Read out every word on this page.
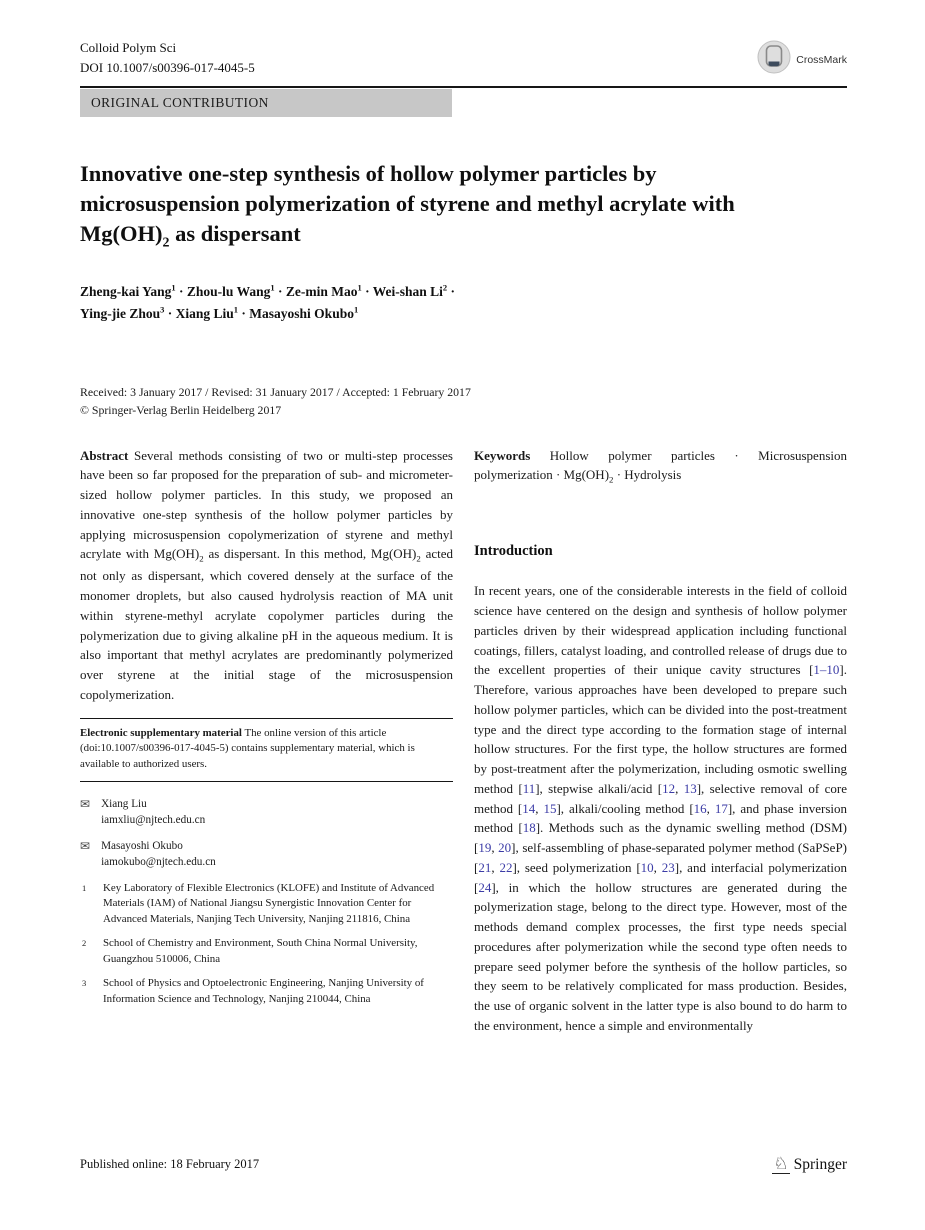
Colloid Polym Sci
DOI 10.1007/s00396-017-4045-5
CrossMark
ORIGINAL CONTRIBUTION
Innovative one-step synthesis of hollow polymer particles by microsuspension polymerization of styrene and methyl acrylate with $Mg(OH)_2$ as dispersant
Zheng-kai Yang$^1$ · Zhou-lu Wang$^1$ · Ze-min Mao$^1$ · Wei-shan $Li^2$ ·
Ying-jie Zhou$^3$ · Xiang Liu$^1$ · Masayoshi Okubo$^1$
Received: 3 January 2017 / Revised: 31 January 2017 / Accepted: 1 February 2017
© Springer-Verlag Berlin Heidelberg 2017

Abstract Several methods consisting of two or multi-step processes have been so far proposed for the preparation of sub- and micrometer-sized hollow polymer particles. In this study, we proposed an innovative one-step synthesis of the hollow polymer particles by applying microsuspension copolymerization of styrene and methyl acrylate with $Mg(OH)_2$ as dispersant. In this method, $Mg(OH)_2$ acted not only as dispersant, which covered densely at the surface of the monomer droplets, but also caused hydrolysis reaction of MA unit within styrene-methyl acrylate copolymer particles during the polymerization due to giving alkaline pH in the aqueous medium. It is also important that methyl acrylates are predominantly polymerized over styrene at the initial stage of the microsuspension copolymerization.

Electronic supplementary material The online version of this article (doi:10.1007/s00396-017-4045-5) contains supplementary material, which is available to authorized users.
✉ Xiang Liu
iamxliu@njtech.edu.cn
✉ Masayoshi Okubo
iamokubo@njtech.edu.cn
1	Key Laboratory of Flexible Electronics (KLOFE) and Institute of Advanced Materials (IAM) of National Jiangsu Synergistic Innovation Center for Advanced Materials, Nanjing Tech University, Nanjing 211816, China
2	School of Chemistry and Environment, South China Normal University, Guangzhou 510006, China
3	School of Physics and Optoelectronic Engineering, Nanjing University of Information Science and Technology, Nanjing 210044, China

Keywords Hollow polymer particles · Microsuspension polymerization · $Mg(OH)_2$ · Hydrolysis

Introduction

In recent years, one of the considerable interests in the field of colloid science have centered on the design and synthesis of hollow polymer particles driven by their widespread application including functional coatings, fillers, catalyst loading, and controlled release of drugs due to the excellent properties of their unique cavity structures [1–10]. Therefore, various approaches have been developed to prepare such hollow polymer particles, which can be divided into the post-treatment type and the direct type according to the formation stage of internal hollow structures. For the first type, the hollow structures are formed by post-treatment after the polymerization, including osmotic swelling method [11], stepwise alkali/acid [12, 13], selective removal of core method [14, 15], alkali/cooling method [16, 17], and phase inversion method [18]. Methods such as the dynamic swelling method (DSM) [19, 20], self-assembling of phase-separated polymer method (SaPSeP) [21, 22], seed polymerization [10, 23], and interfacial polymerization [24], in which the hollow structures are generated during the polymerization stage, belong to the direct type. However, most of the methods demand complex processes, the first type needs special procedures after polymerization while the second type often needs to prepare seed polymer before the synthesis of the hollow particles, so they seem to be relatively complicated for mass production. Besides, the use of organic solvent in the latter type is also bound to do harm to the environment, hence a simple and environmentally

Published online: 18 February 2017	♘ Springer
